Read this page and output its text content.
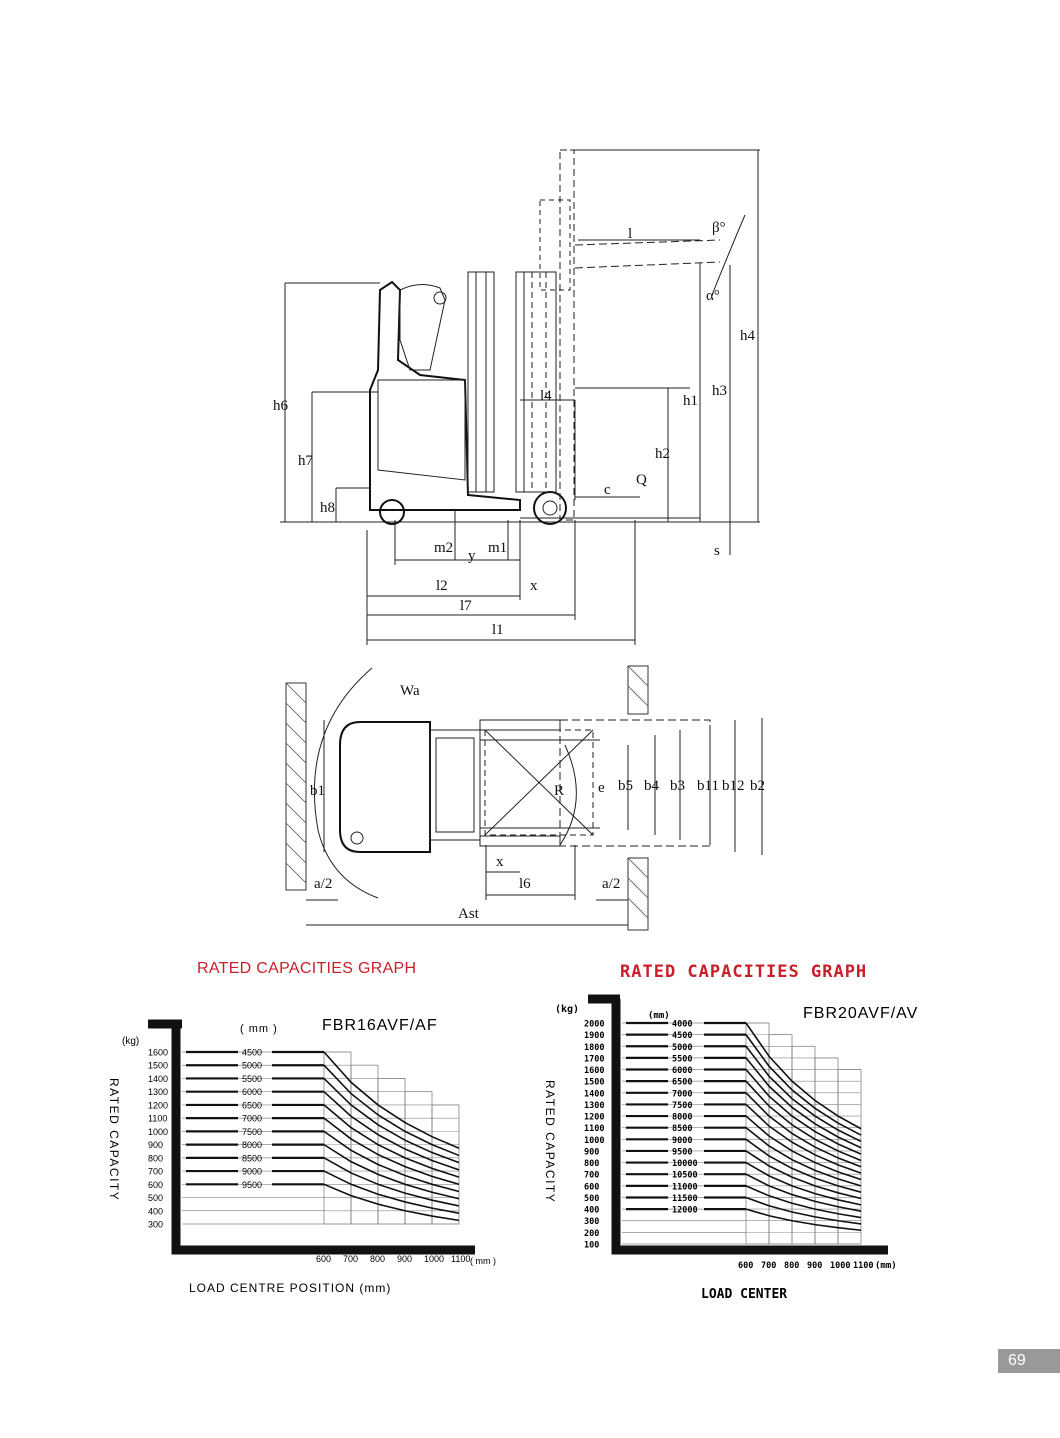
l	β°
α°
h4
h3
h1
h2
h6
h7
h8
l4
c
Q
s
m2 m1
y
l2	x
l7
l1
Wa
b1	R e b5 b4 b3 b11 b12 b2
x
l6
a/2	a/2
Ast
RATED CAPACITIES GRAPH
(kg)
( mm )	FBR16AVF/AF
RATED CAPACITY
( mm )
LOAD CENTRE POSITION (mm)
1600
1500
1400
1300
1200
1100
1000
900
800
700
600
500
400
300
600 700 800 900 1000 1100
4500
5000
5500
6000
6500
7000
7500
8000
8500
9000
9500
RATED CAPACITIES GRAPH
(kg)
(mm)	FBR20AVF/AV
RATED CAPACITY
(mm)
LOAD CENTER
2000
1900
1800
1700
1600
1500
1400
1300
1200
1100
1000
900
800
700
600
500
400
300
200
100
600 700 800 900 1000 1100
4000
4500
5000
5500
6000
6500
7000
7500
8000
8500
9000
9500
10000
10500
11000
11500
12000
69
